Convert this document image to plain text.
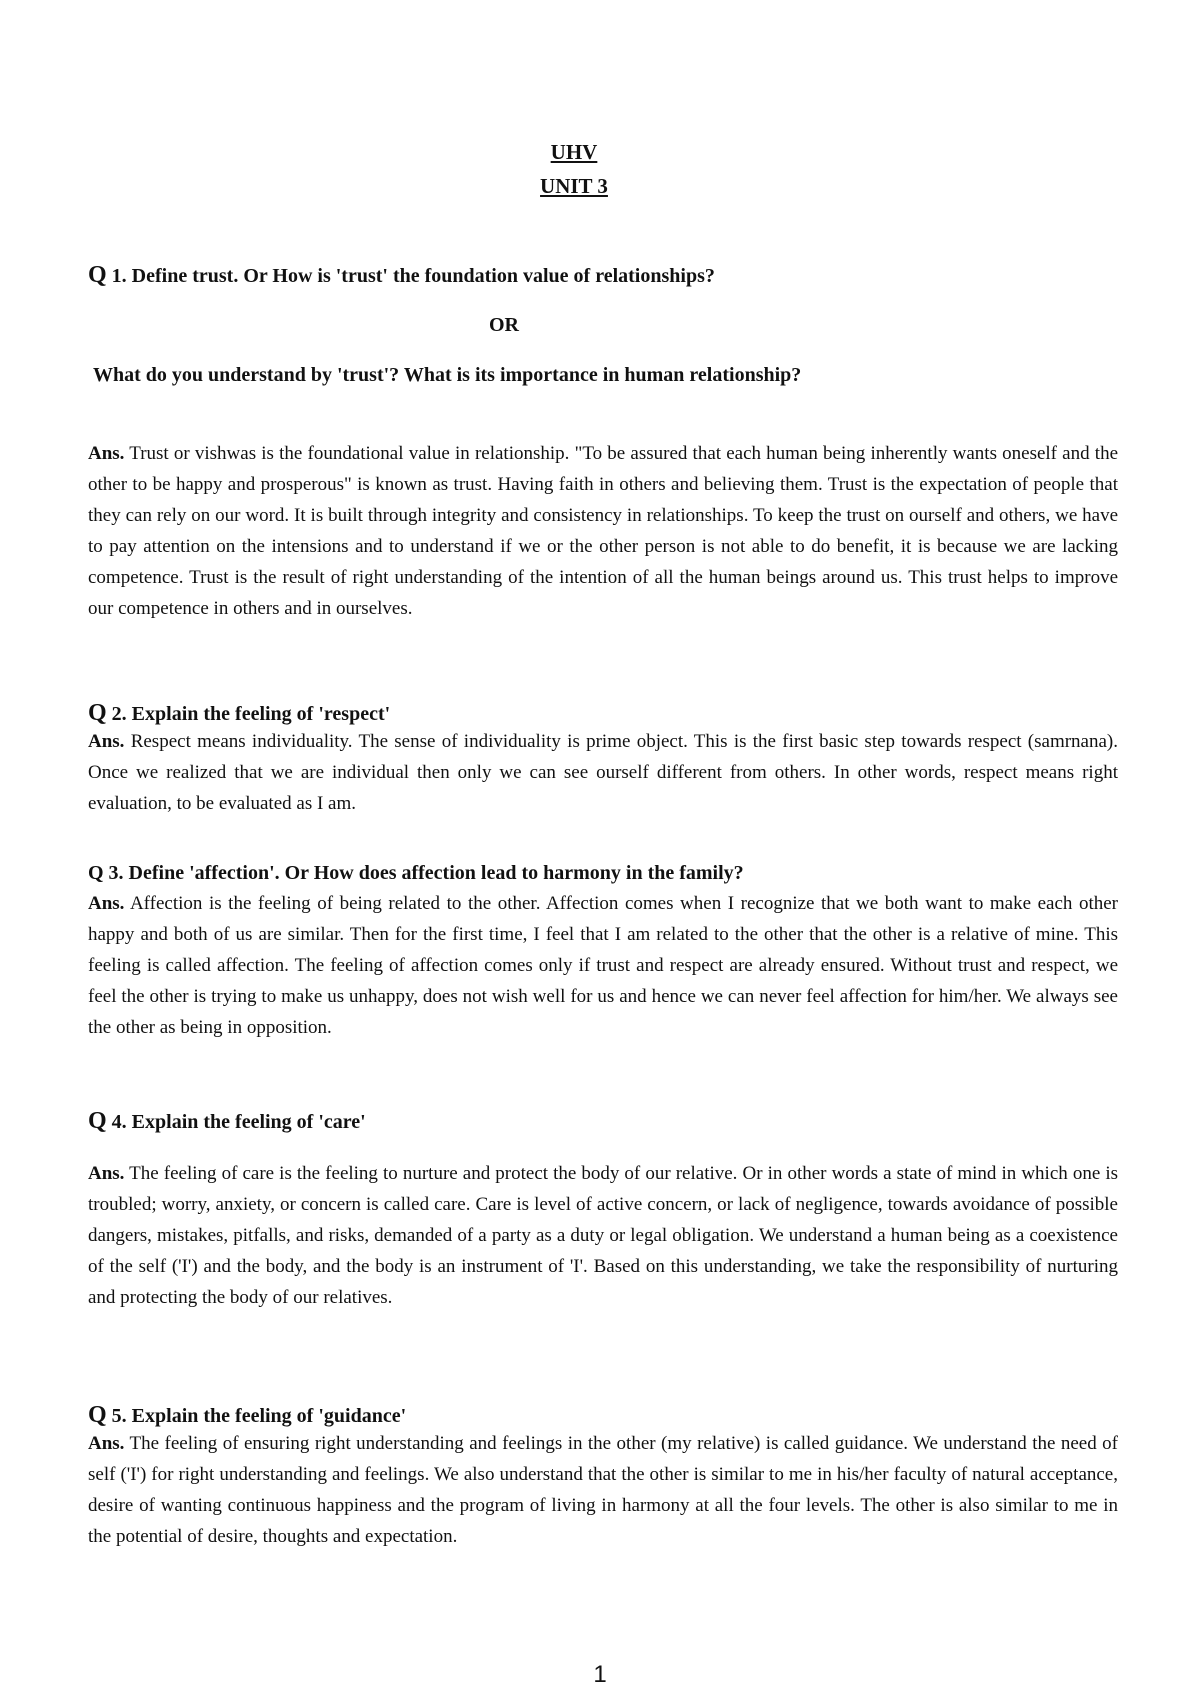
UHV
UNIT 3
Q 1. Define trust. Or How is 'trust' the foundation value of relationships?
OR
What do you understand by 'trust'? What is its importance in human relationship?
Ans. Trust or vishwas is the foundational value in relationship. "To be assured that each human being inherently wants oneself and the other to be happy and prosperous" is known as trust. Having faith in others and believing them. Trust is the expectation of people that they can rely on our word. It is built through integrity and consistency in relationships. To keep the trust on ourself and others, we have to pay attention on the intensions and to understand if we or the other person is not able to do benefit, it is because we are lacking competence. Trust is the result of right understanding of the intention of all the human beings around us. This trust helps to improve our competence in others and in ourselves.
Q 2. Explain the feeling of 'respect'
Ans. Respect means individuality. The sense of individuality is prime object. This is the first basic step towards respect (samrnana). Once we realized that we are individual then only we can see ourself different from others. In other words, respect means right evaluation, to be evaluated as I am.
Q 3. Define 'affection'. Or How does affection lead to harmony in the family?
Ans. Affection is the feeling of being related to the other. Affection comes when I recognize that we both want to make each other happy and both of us are similar. Then for the first time, I feel that I am related to the other that the other is a relative of mine. This feeling is called affection. The feeling of affection comes only if trust and respect are already ensured. Without trust and respect, we feel the other is trying to make us unhappy, does not wish well for us and hence we can never feel affection for him/her. We always see the other as being in opposition.
Q 4. Explain the feeling of 'care'
Ans. The feeling of care is the feeling to nurture and protect the body of our relative. Or in other words a state of mind in which one is troubled; worry, anxiety, or concern is called care. Care is level of active concern, or lack of negligence, towards avoidance of possible dangers, mistakes, pitfalls, and risks, demanded of a party as a duty or legal obligation. We understand a human being as a coexistence of the self ('I') and the body, and the body is an instrument of 'I'. Based on this understanding, we take the responsibility of nurturing and protecting the body of our relatives.
Q 5. Explain the feeling of 'guidance'
Ans. The feeling of ensuring right understanding and feelings in the other (my relative) is called guidance. We understand the need of self ('I') for right understanding and feelings. We also understand that the other is similar to me in his/her faculty of natural acceptance, desire of wanting continuous happiness and the program of living in harmony at all the four levels. The other is also similar to me in the potential of desire, thoughts and expectation.
1
